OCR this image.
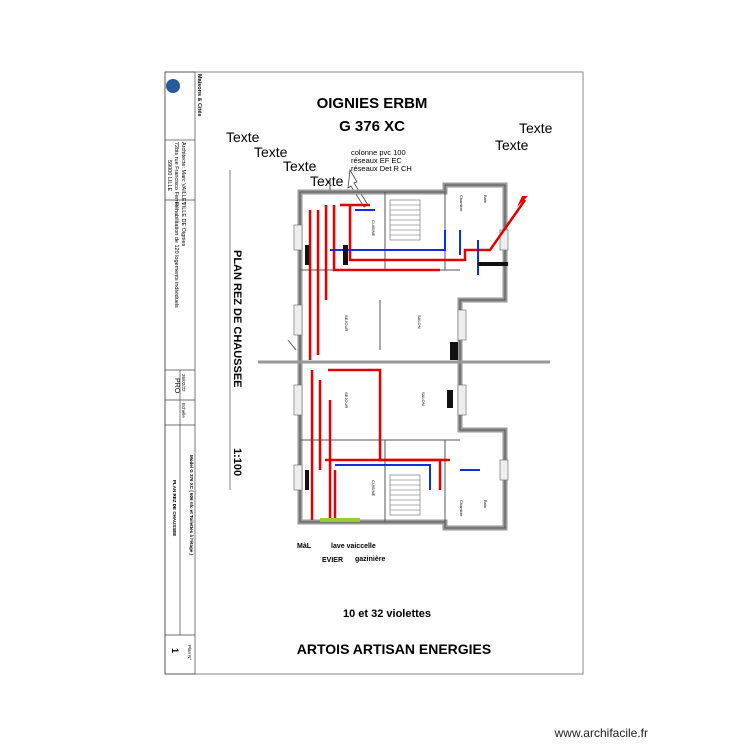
Maisons & Cités
Architecte: Marc VAILLET
72bis rue Francisco Ferrer
59000 LILLE
VILLE DE Oignies
Réhabilitation de 120 logements individuels
26/02/22
PRO
Echelle
Model G 376 XC ( 606 nfc et Toilettes à l'étage )
PLAN REZ DE CHAUSSEE
Plan N°
1
PLAN REZ DE CHAUSSEE
1:100
OIGNIES ERBM
G 376 XC
10 et 32 violettes
ARTOIS ARTISAN ENERGIES
Texte
Texte
Texte
Texte
Texte
Texte
colonne pvc 100
réseaux EF EC
réseaux Det R CH
SEJOUR	SALON
SEJOUR	SALON
CUISINE
CUISINE
Chambre	Bain
Chambre	Bain
MàL	lave vaiccelle
EVIER gazinière
www.archifacile.fr
